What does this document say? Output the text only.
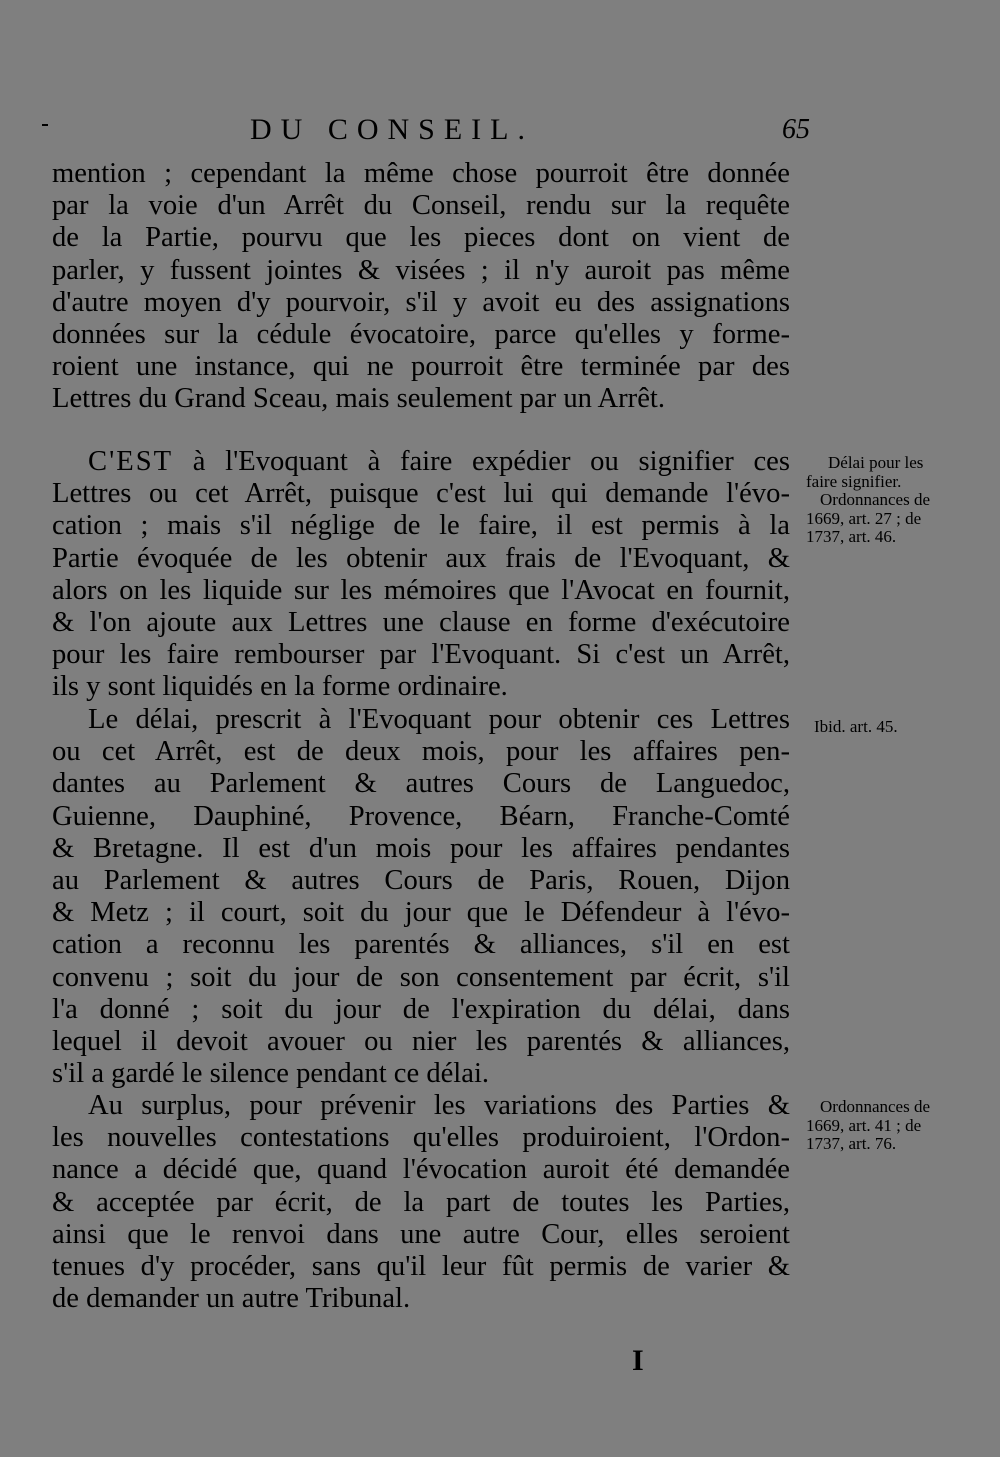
DU CONSEIL.	65
mention ; cependant la même chose pourroit être donnée
par la voie d'un Arrêt du Conseil, rendu sur la requête
de la Partie, pourvu que les pieces dont on vient de
parler, y fussent jointes & visées ; il n'y auroit pas même
d'autre moyen d'y pourvoir, s'il y avoit eu des assignations
données sur la cédule évocatoire, parce qu'elles y forme-
roient une instance, qui ne pourroit être terminée par des
Lettres du Grand Sceau, mais seulement par un Arrêt.
C'EST à l'Evoquant à faire expédier ou signifier ces
Lettres ou cet Arrêt, puisque c'est lui qui demande l'évo-
cation ; mais s'il néglige de le faire, il est permis à la
Partie évoquée de les obtenir aux frais de l'Evoquant, &
alors on les liquide sur les mémoires que l'Avocat en fournit,
& l'on ajoute aux Lettres une clause en forme d'exécutoire
pour les faire rembourser par l'Evoquant. Si c'est un Arrêt,
ils y sont liquidés en la forme ordinaire.
Le délai, prescrit à l'Evoquant pour obtenir ces Lettres
ou cet Arrêt, est de deux mois, pour les affaires pen-
dantes au Parlement & autres Cours de Languedoc,
Guienne, Dauphiné, Provence, Béarn, Franche-Comté
& Bretagne. Il est d'un mois pour les affaires pendantes
au Parlement & autres Cours de Paris, Rouen, Dijon
& Metz ; il court, soit du jour que le Défendeur à l'évo-
cation a reconnu les parentés & alliances, s'il en est
convenu ; soit du jour de son consentement par écrit, s'il
l'a donné ; soit du jour de l'expiration du délai, dans
lequel il devoit avouer ou nier les parentés & alliances,
s'il a gardé le silence pendant ce délai.
Au surplus, pour prévenir les variations des Parties &
les nouvelles contestations qu'elles produiroient, l'Ordon-
nance a décidé que, quand l'évocation auroit été demandée
& acceptée par écrit, de la part de toutes les Parties,
ainsi que le renvoi dans une autre Cour, elles seroient
tenues d'y procéder, sans qu'il leur fût permis de varier &
de demander un autre Tribunal.
Délai pour les
faire signifier.
Ordonnances de
1669, art. 27 ; de
1737, art. 46.
Ibid. art. 45.
Ordonnances de
1669, art. 41 ; de
1737, art. 76.
I
